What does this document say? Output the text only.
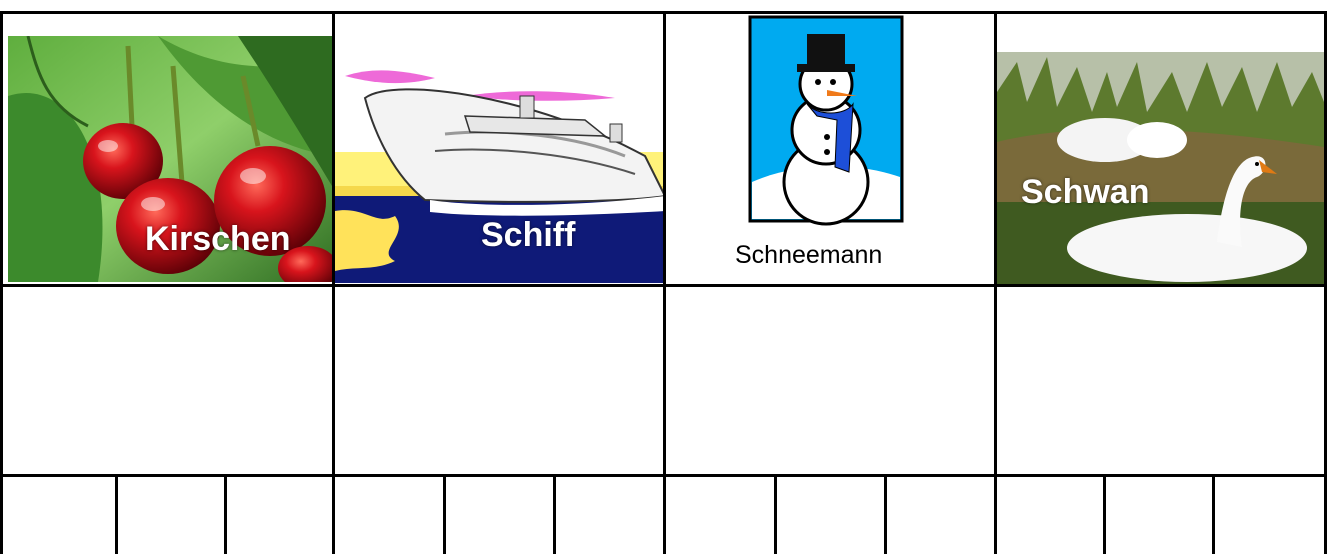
Kirschen	Schiff
Schneemann
Schwan
